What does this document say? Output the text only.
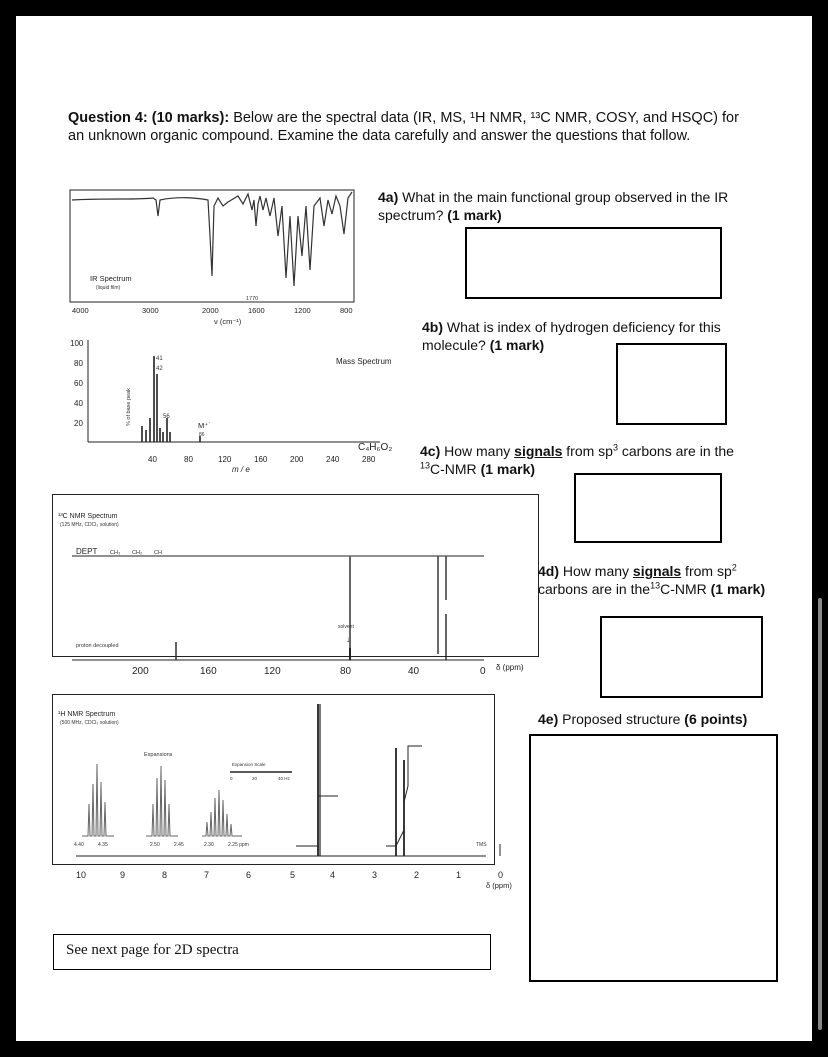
Question 4: (10 marks): Below are the spectral data (IR, MS, ¹H NMR, ¹³C NMR, COSY, and HSQC) for an unknown organic compound. Examine the data carefully and answer the questions that follow.
IR Spectrum
(liquid film)
1770
4000	3000	2000	1600	1200	800
ν (cm⁻¹)
100
80
60
40
20	% of base peak
41
42
56
M⁺˙
86
Mass Spectrum
C₄H₆O₂
40	80	120	160	200	240	280
m / e
¹³C NMR Spectrum
(125 MHz, CDCl₃ solution)
DEPT CH₃ CH₂ CH
proton decoupled
solvent
↓
200	160	120	80	40	0 δ (ppm)
¹H NMR Spectrum
(500 MHz, CDCl₃ solution)
Expansions
Expansion Scale
0	20	40 Hz
4.40	4.35	2.50	2.45	2.30	2.25 ppm	TMS
10	9	8	7	6	5	4	3	2	1	0
δ (ppm)
4a) What in the main functional group observed in the IR spectrum? (1 mark)
4b) What is index of hydrogen deficiency for this molecule? (1 mark)
4c) How many signals from $sp^3$ carbons are in the
$^{13}$C-NMR (1 mark)
4d) How many signals from $sp^2$
carbons are in the$^{13}$C-NMR (1 mark)
4e) Proposed structure (6 points)
See next page for 2D spectra
